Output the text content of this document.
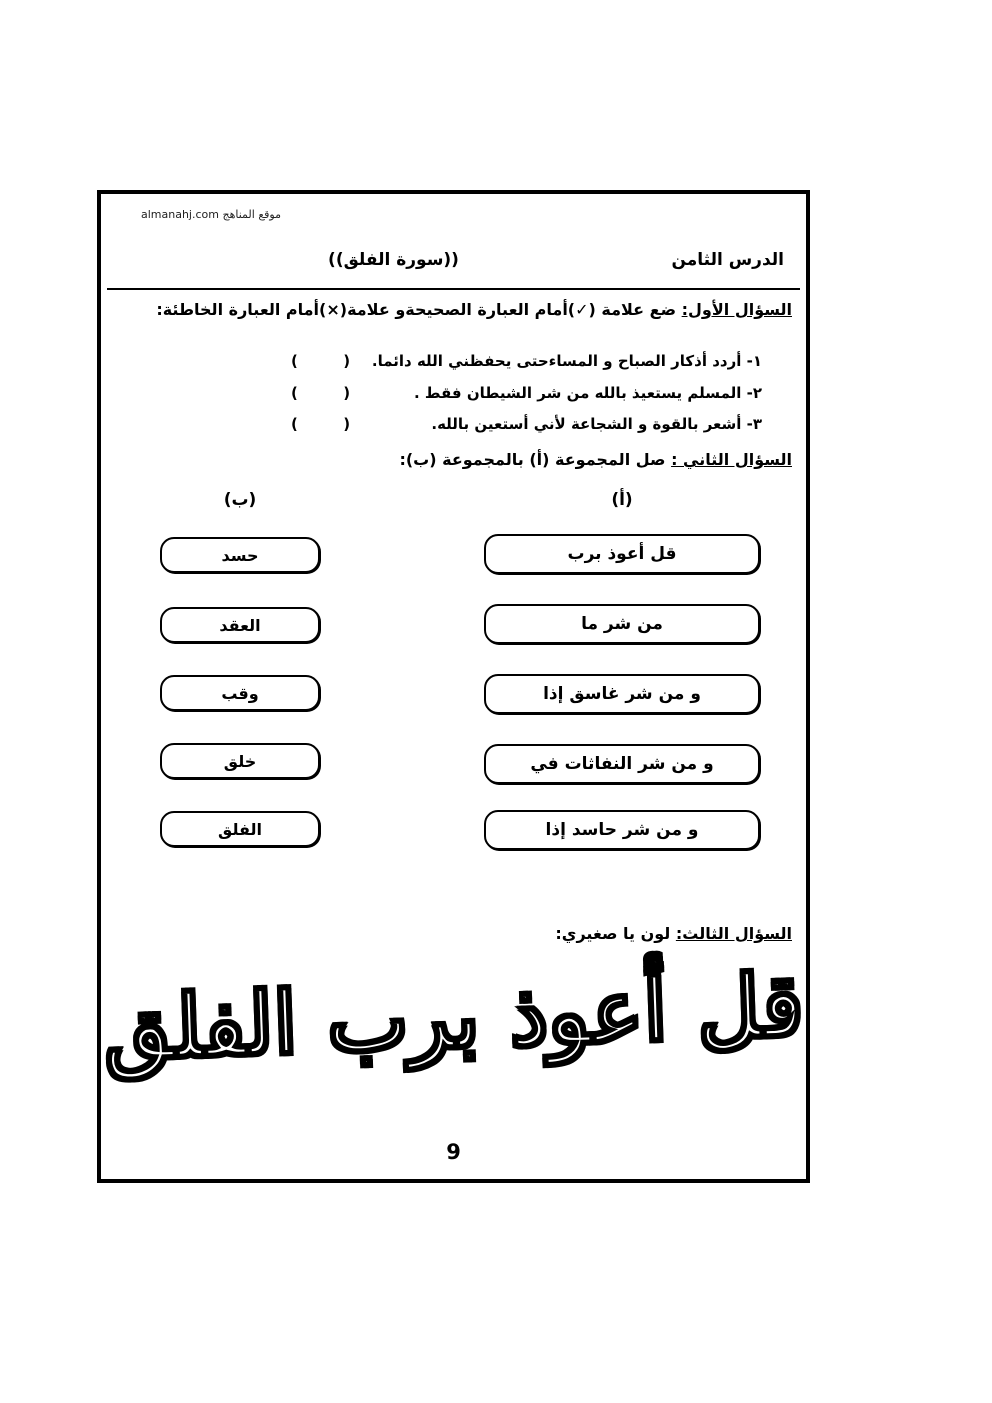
موقع المناهج almanahj.com
الدرس الثامن
((سورة الفلق))
السؤال الأول: ضع علامة (✓)أمام العبارة الصحيحةو علامة(×)أمام العبارة الخاطئة:
١- أردد أذكار الصباح و المساءحتى يحفظني الله دائما.
(      )
٢- المسلم يستعيذ بالله من شر الشيطان فقط .
(      )
٣- أشعر بالقوة و الشجاعة لأني أستعين بالله.
(      )
السؤال الثاني : صل المجموعة (أ) بالمجموعة (ب):
(أ)
(ب)
قل أعوذ برب
من شر ما
و من شر غاسق إذا
و من شر النفاثات في
و من شر حاسد إذا
حسد
العقد
وقب
خلق
الفلق
السؤال الثالث: لون يا صغيري:
قل أعوذ برب الفلق
9
